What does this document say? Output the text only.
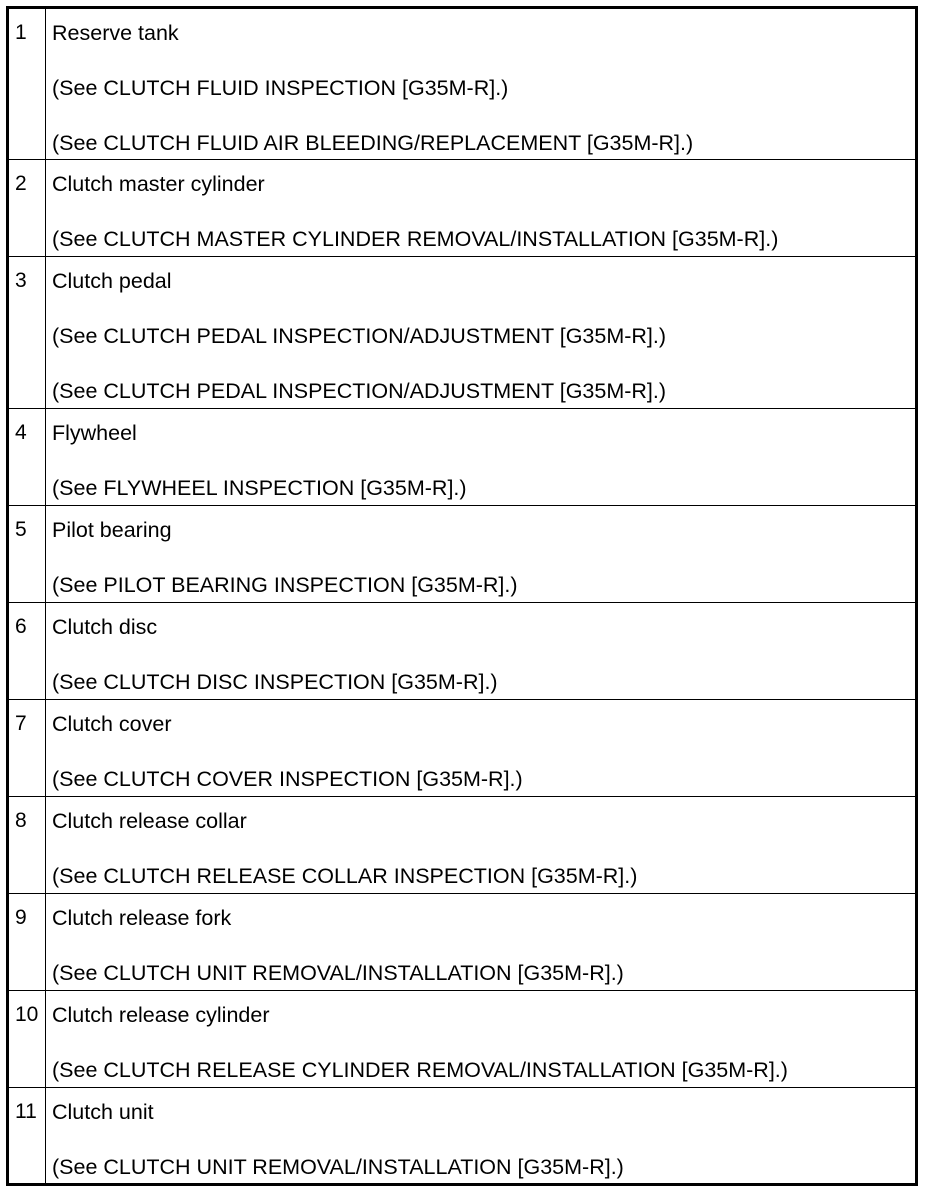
1	Reserve tank
(See CLUTCH FLUID INSPECTION [G35M-R].)
(See CLUTCH FLUID AIR BLEEDING/REPLACEMENT [G35M-R].)

2	Clutch master cylinder
(See CLUTCH MASTER CYLINDER REMOVAL/INSTALLATION [G35M-R].)

3	Clutch pedal
(See CLUTCH PEDAL INSPECTION/ADJUSTMENT [G35M-R].)
(See CLUTCH PEDAL INSPECTION/ADJUSTMENT [G35M-R].)

4	Flywheel
(See FLYWHEEL INSPECTION [G35M-R].)

5	Pilot bearing
(See PILOT BEARING INSPECTION [G35M-R].)

6	Clutch disc
(See CLUTCH DISC INSPECTION [G35M-R].)

7	Clutch cover
(See CLUTCH COVER INSPECTION [G35M-R].)

8	Clutch release collar
(See CLUTCH RELEASE COLLAR INSPECTION [G35M-R].)

9	Clutch release fork
(See CLUTCH UNIT REMOVAL/INSTALLATION [G35M-R].)

10	Clutch release cylinder
(See CLUTCH RELEASE CYLINDER REMOVAL/INSTALLATION [G35M-R].)

11	Clutch unit
(See CLUTCH UNIT REMOVAL/INSTALLATION [G35M-R].)
